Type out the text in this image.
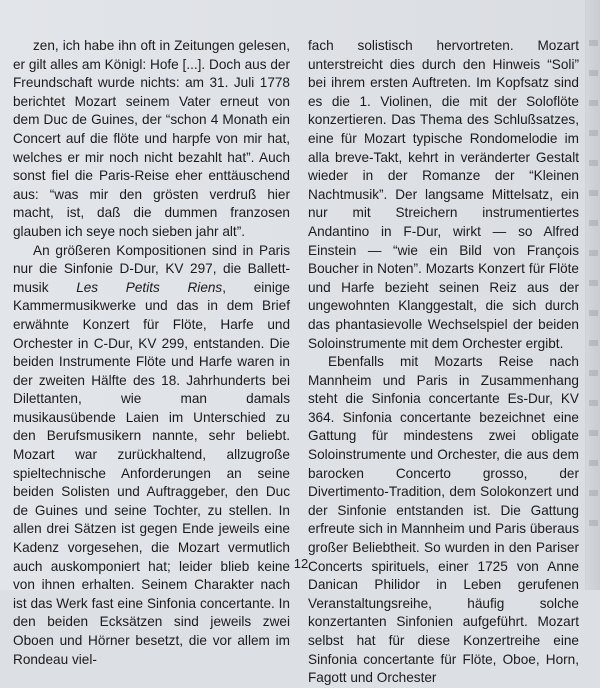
zen, ich habe ihn oft in Zeitungen gelesen, er gilt alles am Königl: Hofe [...]. Doch aus der Freundschaft wurde nichts: am 31. Juli 1778 berichtet Mozart seinem Vater erneut von dem Duc de Guines, der “schon 4 Monath ein Concert auf die flöte und harpfe von mir hat, welches er mir noch nicht bezahlt hat”. Auch sonst fiel die Paris-Reise eher enttäuschend aus: “was mir den grösten verdruß hier macht, ist, daß die dummen franzosen glauben ich seye noch sieben jahr alt”.

An größeren Kompositionen sind in Paris nur die Sinfonie D-Dur, KV 297, die Ballett-musik Les Petits Riens, einige Kammermusikwerke und das in dem Brief erwähnte Konzert für Flöte, Harfe und Orchester in C-Dur, KV 299, entstanden. Die beiden Instrumente Flöte und Harfe waren in der zweiten Hälfte des 18. Jahrhunderts bei Dilettanten, wie man damals musikausübende Laien im Unterschied zu den Berufsmusikern nannte, sehr beliebt. Mozart war zurückhaltend, allzugroße spieltechnische Anforderungen an seine beiden Solisten und Auftraggeber, den Duc de Guines und seine Tochter, zu stellen. In allen drei Sätzen ist gegen Ende jeweils eine Kadenz vorgesehen, die Mozart vermutlich auch auskomponiert hat; leider blieb keine von ihnen erhalten. Seinem Charakter nach ist das Werk fast eine Sinfonia concertante. In den beiden Ecksätzen sind jeweils zwei Oboen und Hörner besetzt, die vor allem im Rondeau viel-

fach solistisch hervortreten. Mozart unterstreicht dies durch den Hinweis “Soli” bei ihrem ersten Auftreten. Im Kopfsatz sind es die 1. Violinen, die mit der Soloflöte konzertieren. Das Thema des Schlußsatzes, eine für Mozart typische Rondomelodie im alla breve-Takt, kehrt in veränderter Gestalt wieder in der Romanze der “Kleinen Nachtmusik”. Der langsame Mittelsatz, ein nur mit Streichern instrumentiertes Andantino in F-Dur, wirkt — so Alfred Einstein — “wie ein Bild von François Boucher in Noten”. Mozarts Konzert für Flöte und Harfe bezieht seinen Reiz aus der ungewohnten Klanggestalt, die sich durch das phantasievolle Wechselspiel der beiden Soloinstrumente mit dem Orchester ergibt.

Ebenfalls mit Mozarts Reise nach Mannheim und Paris in Zusammenhang steht die Sinfonia concertante Es-Dur, KV 364. Sinfonia concertante bezeichnet eine Gattung für mindestens zwei obligate Soloinstrumente und Orchester, die aus dem barocken Concerto grosso, der Divertimento-Tradition, dem Solokonzert und der Sinfonie entstanden ist. Die Gattung erfreute sich in Mannheim und Paris überaus großer Beliebtheit. So wurden in den Pariser Concerts spirituels, einer 1725 von Anne Danican Philidor in Leben gerufenen Veranstaltungsreihe, häufig solche konzertanten Sinfonien aufgeführt. Mozart selbst hat für diese Konzertreihe eine Sinfonia concertante für Flöte, Oboe, Horn, Fagott und Orchester

12
